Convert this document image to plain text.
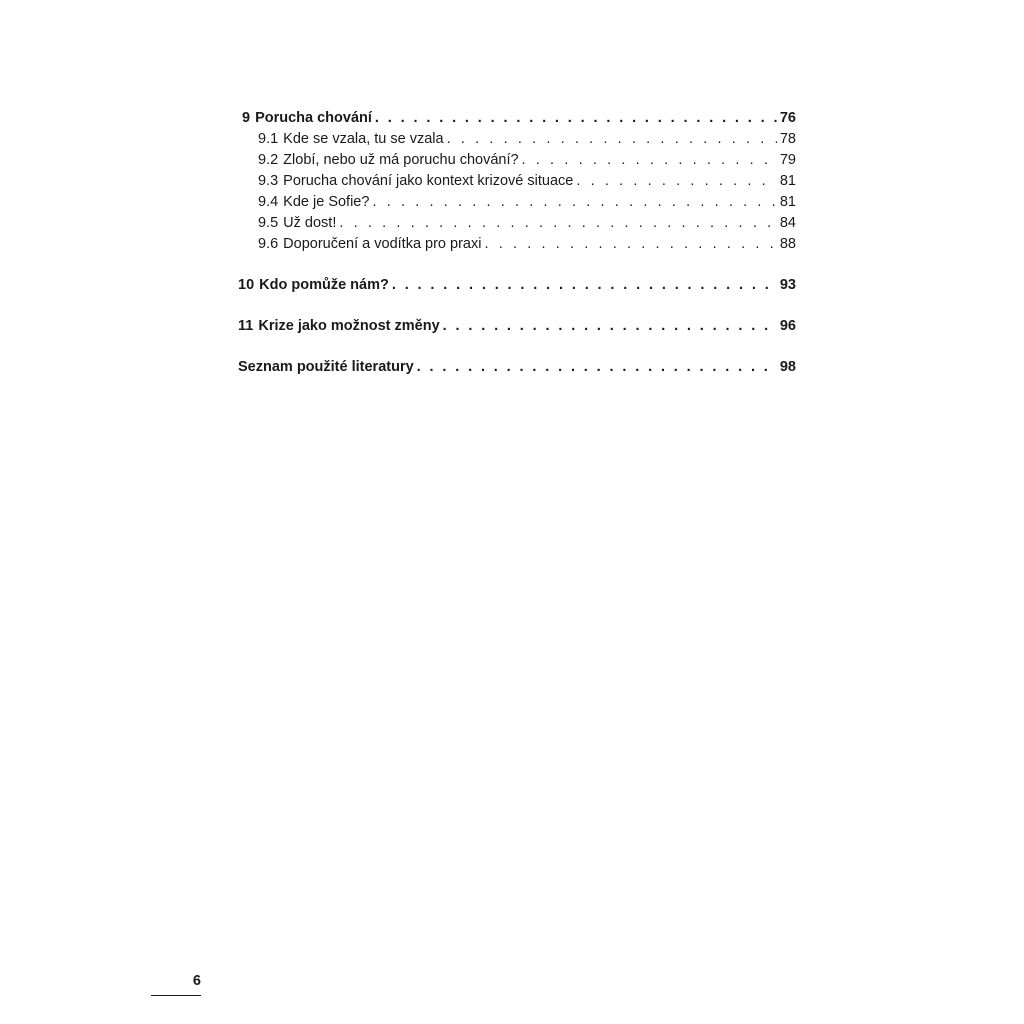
9 Porucha chování . . .	76
9.1 Kde se vzala, tu se vzala . . .	78
9.2 Zlobí, nebo už má poruchu chování? . . .	79
9.3 Porucha chování jako kontext krizové situace . . .	81
9.4 Kde je Sofie? . . .	81
9.5 Už dost! . . .	84
9.6 Doporučení a vodítka pro praxi . . .	88
10 Kdo pomůže nám? . . .	93
11 Krize jako možnost změny . . .	96
Seznam použité literatury . . .	98
6
